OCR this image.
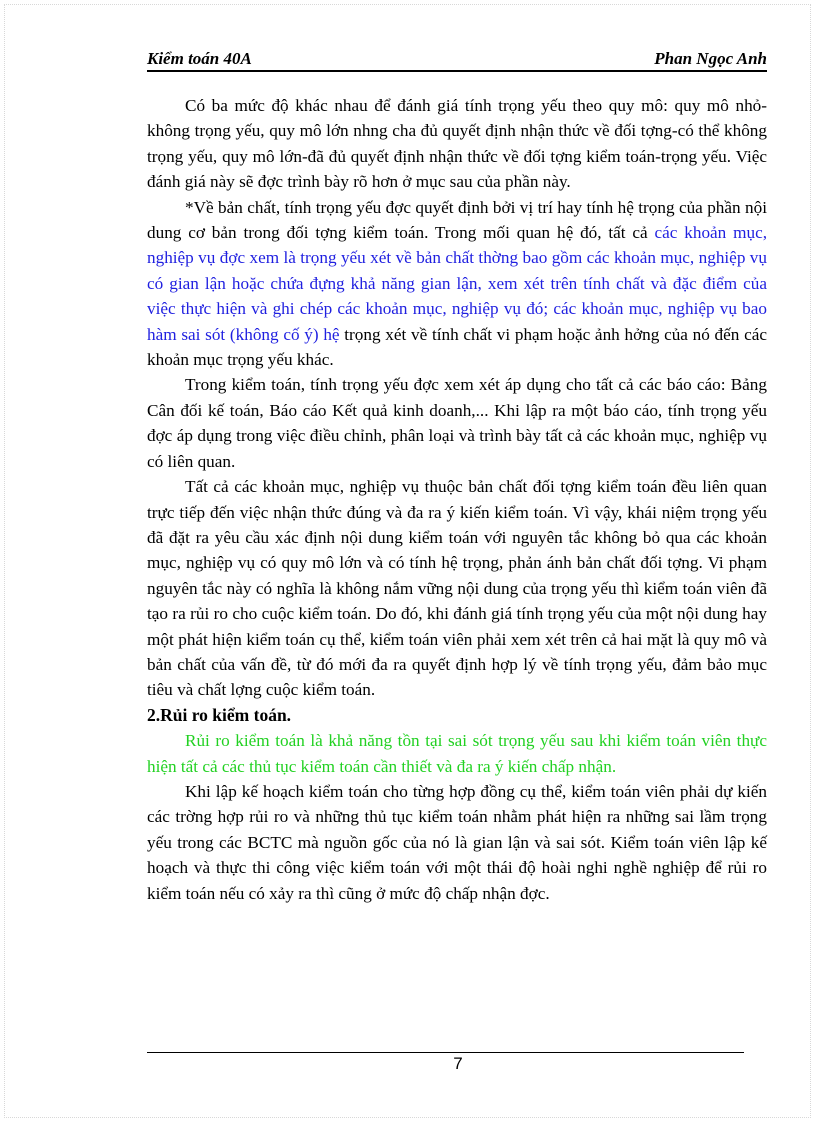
Kiểm toán 40A	Phan Ngọc Anh

Có ba mức độ khác nhau để đánh giá tính trọng yếu theo quy mô: quy mô nhỏ-không trọng yếu, quy mô lớn nhng cha đủ quyết định nhận thức về đối tợng-có thể không trọng yếu, quy mô lớn-đã đủ quyết định nhận thức về đối tợng kiểm toán-trọng yếu. Việc đánh giá này sẽ đợc trình bày rõ hơn ở mục sau của phần này.

*Về bản chất, tính trọng yếu đợc quyết định bởi vị trí hay tính hệ trọng của phần nội dung cơ bản trong đối tợng kiểm toán. Trong mối quan hệ đó, tất cả các khoản mục, nghiệp vụ đợc xem là trọng yếu xét về bản chất thờng bao gồm các khoản mục, nghiệp vụ có gian lận hoặc chứa đựng khả năng gian lận, xem xét trên tính chất và đặc điểm của việc thực hiện và ghi chép các khoản mục, nghiệp vụ đó; các khoản mục, nghiệp vụ bao hàm sai sót (không cố ý) hệ trọng xét về tính chất vi phạm hoặc ảnh hởng của nó đến các khoản mục trọng yếu khác.

Trong kiểm toán, tính trọng yếu đợc xem xét áp dụng cho tất cả các báo cáo: Bảng Cân đối kế toán, Báo cáo Kết quả kinh doanh,... Khi lập ra một báo cáo, tính trọng yếu đợc áp dụng trong việc điều chỉnh, phân loại và trình bày tất cả các khoản mục, nghiệp vụ có liên quan.

Tất cả các khoản mục, nghiệp vụ thuộc bản chất đối tợng kiểm toán đều liên quan trực tiếp đến việc nhận thức đúng và đa ra ý kiến kiểm toán. Vì vậy, khái niệm trọng yếu đã đặt ra yêu cầu xác định nội dung kiểm toán với nguyên tắc không bỏ qua các khoản mục, nghiệp vụ có quy mô lớn và có tính hệ trọng, phản ánh bản chất đối tợng. Vi phạm nguyên tắc này có nghĩa là không nắm vững nội dung của trọng yếu thì kiểm toán viên đã tạo ra rủi ro cho cuộc kiểm toán. Do đó, khi đánh giá tính trọng yếu của một nội dung hay một phát hiện kiểm toán cụ thể, kiểm toán viên phải xem xét trên cả hai mặt là quy mô và bản chất của vấn đề, từ đó mới đa ra quyết định hợp lý về tính trọng yếu, đảm bảo mục tiêu và chất lợng cuộc kiểm toán.

2.Rủi ro kiểm toán.

Rủi ro kiểm toán là khả năng tồn tại sai sót trọng yếu sau khi kiểm toán viên thực hiện tất cả các thủ tục kiểm toán cần thiết và đa ra ý kiến chấp nhận.

Khi lập kế hoạch kiểm toán cho từng hợp đồng cụ thể, kiểm toán viên phải dự kiến các trờng hợp rủi ro và những thủ tục kiểm toán nhằm phát hiện ra những sai lầm trọng yếu trong các BCTC mà nguồn gốc của nó là gian lận và sai sót. Kiểm toán viên lập kế hoạch và thực thi công việc kiểm toán với một thái độ hoài nghi nghề nghiệp để rủi ro kiểm toán nếu có xảy ra thì cũng ở mức độ chấp nhận đợc.

7
